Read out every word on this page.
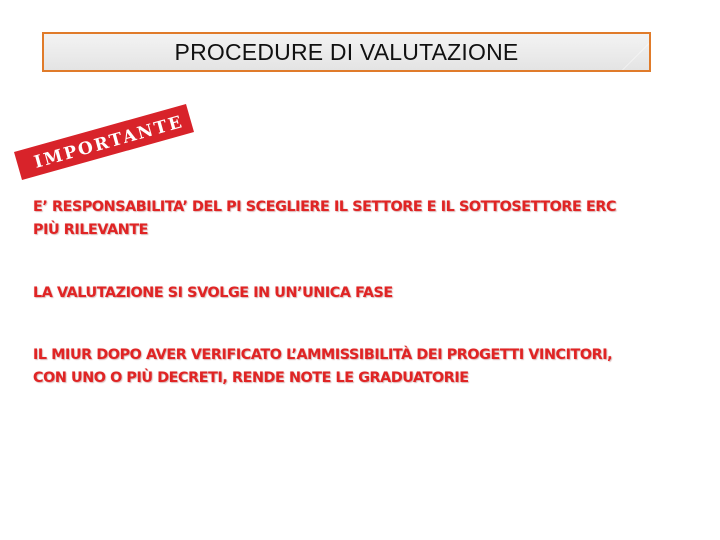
PROCEDURE DI VALUTAZIONE
IMPORTANTE
E’ RESPONSABILITA’ DEL PI SCEGLIERE IL SETTORE E IL SOTTOSETTORE ERC
PIÙ RILEVANTE
LA VALUTAZIONE SI SVOLGE IN UN’UNICA FASE
IL MIUR DOPO AVER VERIFICATO L’AMMISSIBILITÀ DEI PROGETTI VINCITORI,
CON UNO O PIÙ DECRETI, RENDE NOTE LE GRADUATORIE
